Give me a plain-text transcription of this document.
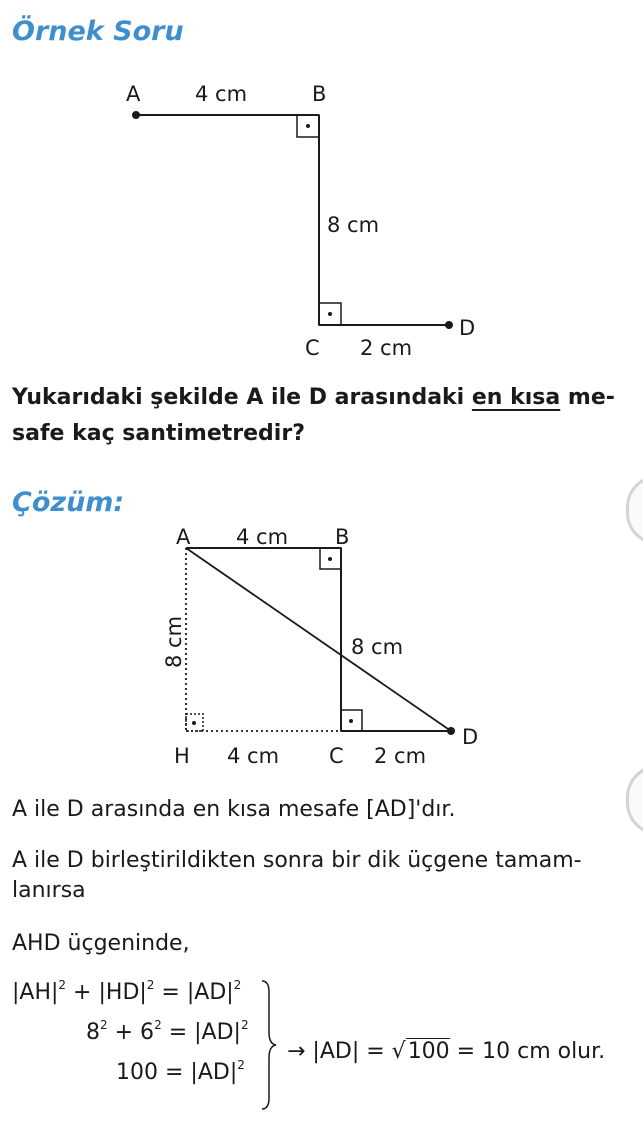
Örnek Soru
A	4 cm	B
8 cm
C 2 cm
D
Yukarıdaki şekilde A ile D arasındaki en kısa me-
safe kaç santimetredir?
Çözüm:
A 4 cm B
8 cm
H 4 cm C 2 cm
D
8 cm
A ile D arasında en kısa mesafe [AD]'dır.
A ile D birleştirildikten sonra bir dik üçgene tamam-
lanırsa
AHD üçgeninde,
$|AH|^2 + |HD|^2 = |AD|^2$
$8^2 + 6^2 = |AD|^2$
$100 = |AD|^2$
→ |AD| = √100 = 10 cm olur.
